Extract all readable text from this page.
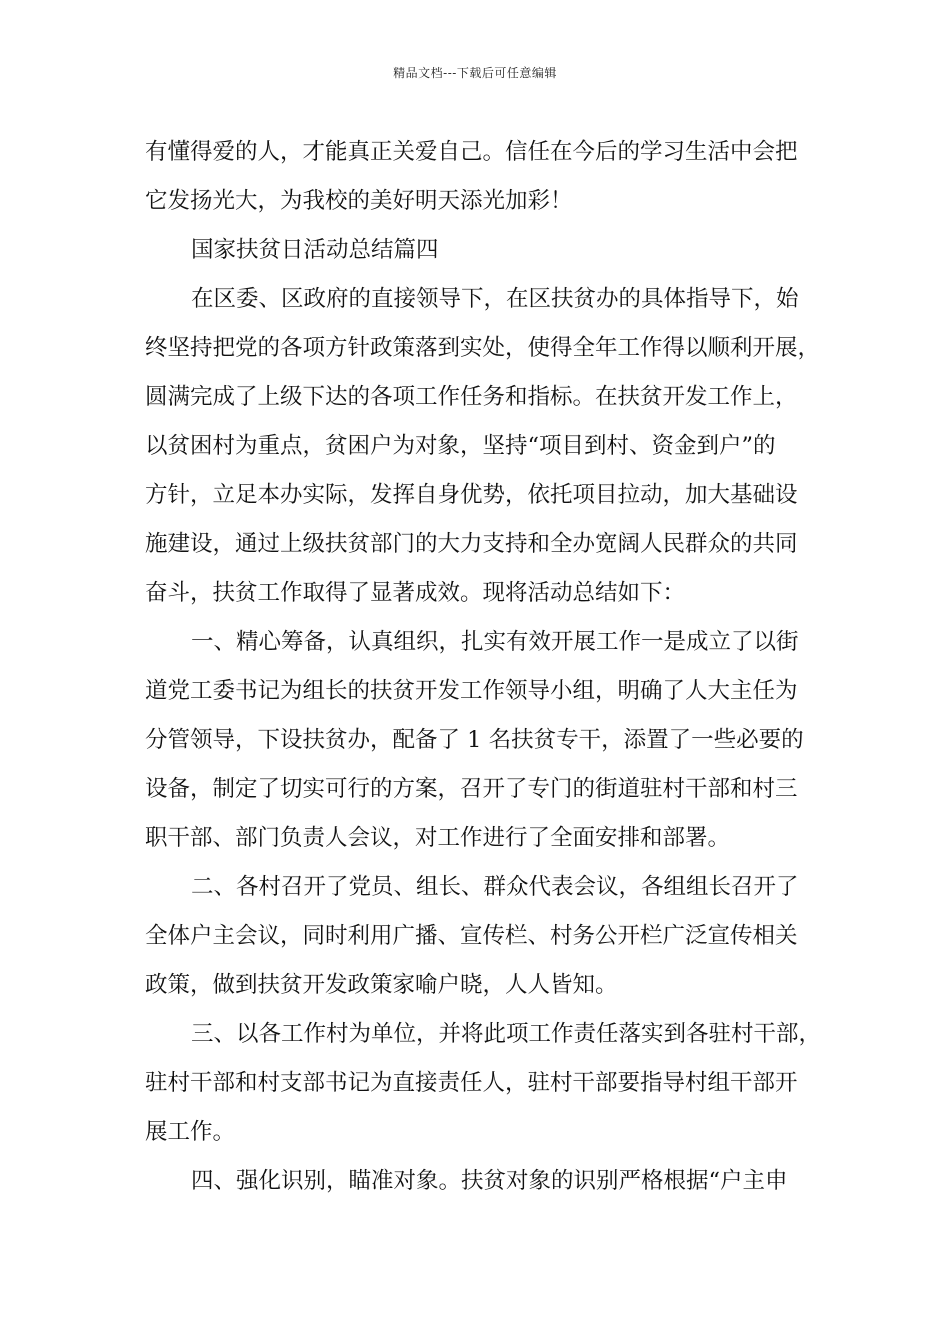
精品文档---下载后可任意编辑
有懂得爱的人，才能真正关爱自己。信任在今后的学习生活中会把
它发扬光大，为我校的美好明天添光加彩！
国家扶贫日活动总结篇四
在区委、区政府的直接领导下，在区扶贫办的具体指导下，始
终坚持把党的各项方针政策落到实处，使得全年工作得以顺利开展，
圆满完成了上级下达的各项工作任务和指标。在扶贫开发工作上，
以贫困村为重点，贫困户为对象，坚持“项目到村、资金到户”的
方针，立足本办实际，发挥自身优势，依托项目拉动，加大基础设
施建设，通过上级扶贫部门的大力支持和全办宽阔人民群众的共同
奋斗，扶贫工作取得了显著成效。现将活动总结如下：
一、精心筹备，认真组织，扎实有效开展工作一是成立了以街
道党工委书记为组长的扶贫开发工作领导小组，明确了人大主任为
分管领导，下设扶贫办，配备了 1 名扶贫专干，添置了一些必要的
设备，制定了切实可行的方案，召开了专门的街道驻村干部和村三
职干部、部门负责人会议，对工作进行了全面安排和部署。
二、各村召开了党员、组长、群众代表会议，各组组长召开了
全体户主会议，同时利用广播、宣传栏、村务公开栏广泛宣传相关
政策，做到扶贫开发政策家喻户晓，人人皆知。
三、以各工作村为单位，并将此项工作责任落实到各驻村干部，
驻村干部和村支部书记为直接责任人，驻村干部要指导村组干部开
展工作。
四、强化识别，瞄准对象。扶贫对象的识别严格根据“户主申
